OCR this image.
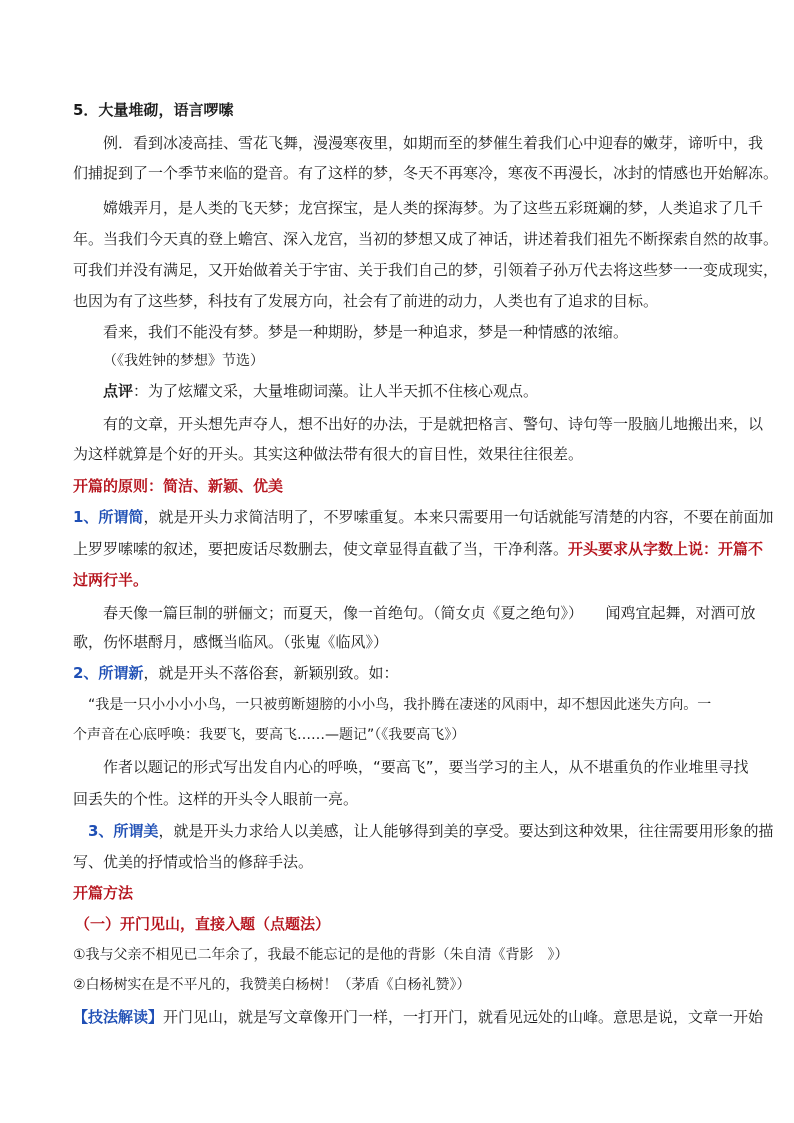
5．大量堆砌，语言啰嗦
例．看到冰凌高挂、雪花飞舞，漫漫寒夜里，如期而至的梦催生着我们心中迎春的嫩芽，谛听中，我
们捕捉到了一个季节来临的跫音。有了这样的梦，冬天不再寒冷，寒夜不再漫长，冰封的情感也开始解冻。
嫦娥弄月，是人类的飞天梦；龙宫探宝，是人类的探海梦。为了这些五彩斑斓的梦，人类追求了几千
年。当我们今天真的登上蟾宫、深入龙宫，当初的梦想又成了神话，讲述着我们祖先不断探索自然的故事。
可我们并没有满足，又开始做着关于宇宙、关于我们自己的梦，引领着子孙万代去将这些梦一一变成现实，
也因为有了这些梦，科技有了发展方向，社会有了前进的动力，人类也有了追求的目标。
看来，我们不能没有梦。梦是一种期盼，梦是一种追求，梦是一种情感的浓缩。
（《我姓钟的梦想》节选）
点评：为了炫耀文采，大量堆砌词藻。让人半天抓不住核心观点。
有的文章，开头想先声夺人，想不出好的办法，于是就把格言、警句、诗句等一股脑儿地搬出来，以
为这样就算是个好的开头。其实这种做法带有很大的盲目性，效果往往很差。
开篇的原则：简洁、新颖、优美
1、所谓简，就是开头力求简洁明了，不罗嗦重复。本来只需要用一句话就能写清楚的内容，不要在前面加
上罗罗嗦嗦的叙述，要把废话尽数删去，使文章显得直截了当，干净利落。开头要求从字数上说：开篇不
过两行半。
春天像一篇巨制的骈俪文；而夏天，像一首绝句。（简女贞《夏之绝句》）　　闻鸡宜起舞，对酒可放
歌，伤怀堪酹月，感慨当临风。（张嵬《临风》）
2、所谓新，就是开头不落俗套，新颖别致。如：
“我是一只小小小小鸟，一只被剪断翅膀的小小鸟，我扑腾在凄迷的风雨中，却不想因此迷失方向。一
个声音在心底呼唤：我要飞，要高飞……—题记”（《我要高飞》）
作者以题记的形式写出发自内心的呼唤，“要高飞”，要当学习的主人，从不堪重负的作业堆里寻找
回丢失的个性。这样的开头令人眼前一亮。
3、所谓美，就是开头力求给人以美感，让人能够得到美的享受。要达到这种效果，往往需要用形象的描
写、优美的抒情或恰当的修辞手法。
开篇方法
（一）开门见山，直接入题（点题法）
①我与父亲不相见已二年余了，我最不能忘记的是他的背影（朱自清《背影　》）
②白杨树实在是不平凡的，我赞美白杨树！（茅盾《白杨礼赞》）
【技法解读】开门见山，就是写文章像开门一样，一打开门，就看见远处的山峰。意思是说，文章一开始
